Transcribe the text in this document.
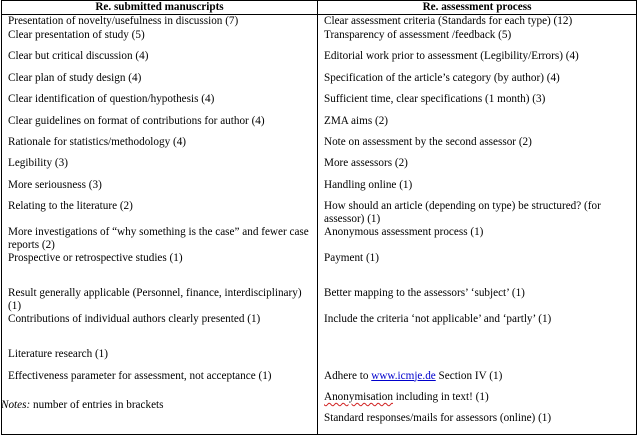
Re. submitted manuscripts	Re. assessment process
Presentation of novelty/usefulness in discussion (7)	Clear assessment criteria (Standards for each type) (12)
Clear presentation of study (5)	Transparency of assessment /feedback (5)
Clear but critical discussion (4)	Editorial work prior to assessment (Legibility/Errors) (4)
Clear plan of study design (4)	Specification of the article’s category (by author) (4)
Clear identification of question/hypothesis (4)	Sufficient time, clear specifications (1 month) (3)
Clear guidelines on format of contributions for author (4)	ZMA aims (2)
Rationale for statistics/methodology (4)	Note on assessment by the second assessor (2)
Legibility (3)	More assessors (2)
More seriousness (3)	Handling online (1)
Relating to the literature (2)	How should an article (depending on type) be structured? (for assessor) (1)
More investigations of “why something is the case” and fewer case reports (2)	Anonymous assessment process (1)
Prospective or retrospective studies (1)	Payment (1)
Result generally applicable (Personnel, finance, interdisciplinary) (1)	Better mapping to the assessors’ ‘subject’ (1)
Contributions of individual authors clearly presented (1)	Include the criteria ‘not applicable’ and ‘partly’ (1)
Literature research (1)	
Effectiveness parameter for assessment, not acceptance (1)	Adhere to www.icmje.de Section IV (1)
	Anonymisation including in text! (1)
	Standard responses/mails for assessors (online) (1)
Notes: number of entries in brackets
